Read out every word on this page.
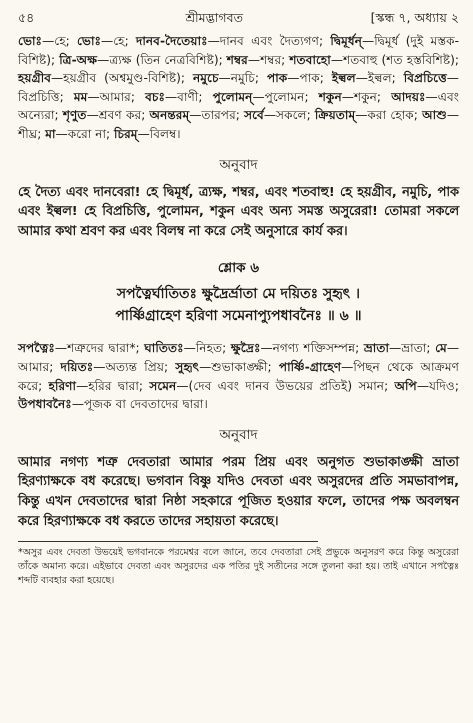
৫৪	শ্রীমদ্ভাগবত	[স্কন্ধ ৭, অধ্যায় ২

ভোঃ—হে; ভোঃ—হে; দানব-দৈতেয়াঃ—দানব এবং দৈত্যগণ; দ্বিমূর্ধন্—দ্বিমূর্ধ (দুই মস্তক-বিশিষ্ট); ত্রি-অক্ষ—ত্র্যক্ষ (তিন নেত্রবিশিষ্ট); শম্বর—শম্বর; শতবাহো—শতবাহু (শত হস্তবিশিষ্ট); হয়গ্রীব—হয়গ্রীব (অশ্বমুণ্ড-বিশিষ্ট); নমুচে—নমুচি; পাক—পাক; ইল্বল—ইল্বল; বিপ্রচিত্তে—বিপ্রচিত্তি; মম—আমার; বচঃ—বাণী; পুলোমন্—পুলোমন; শকুন—শকুন; আদয়ঃ—এবং অন্যেরা; শৃণুত—শ্রবণ কর; অনন্তরম্—তারপর; সর্বে—সকলে; ক্রিয়তাম্—করা হোক; আশু—শীঘ্র; মা—করো না; চিরম্—বিলম্ব।

অনুবাদ

হে দৈত্য এবং দানবেরা! হে দ্বিমূর্ধ, ত্র্যক্ষ, শম্বর, এবং শতবাহু! হে হয়গ্রীব, নমুচি, পাক এবং ইল্বল! হে বিপ্রচিত্তি, পুলোমন, শকুন এবং অন্য সমস্ত অসুরেরা! তোমরা সকলে আমার কথা শ্রবণ কর এবং বিলম্ব না করে সেই অনুসারে কার্য কর।

শ্লোক ৬

সপত্নৈর্ঘাতিতঃ ক্ষুদ্রৈর্ভ্রাতা মে দয়িতঃ সুহৃৎ ।

পার্ষ্ণিগ্রাহেণ হরিণা সমেনাপ্যুপধাবনৈঃ ॥ ৬ ॥

সপত্নৈঃ—শত্রুদের দ্বারা*; ঘাতিতঃ—নিহত; ক্ষুদ্রৈঃ—নগণ্য শক্তিসম্পন্ন; ভ্রাতা—ভ্রাতা; মে—আমার; দয়িতঃ—অত্যন্ত প্রিয়; সুহৃৎ—শুভাকাঙ্ক্ষী; পার্ষ্ণি-গ্রাহেণ—পিছন থেকে আক্রমণ করে; হরিণা—হরির দ্বারা; সমেন—(দেব এবং দানব উভয়ের প্রতিই) সমান; অপি—যদিও; উপধাবনৈঃ—পূজক বা দেবতাদের দ্বারা।

অনুবাদ

আমার নগণ্য শত্রু দেবতারা আমার পরম প্রিয় এবং অনুগত শুভাকাঙ্ক্ষী ভ্রাতা হিরণ্যাক্ষকে বধ করেছে। ভগবান বিষ্ণু যদিও দেবতা এবং অসুরদের প্রতি সমভাবাপন্ন, কিন্তু এখন দেবতাদের দ্বারা নিষ্ঠা সহকারে পূজিত হওয়ার ফলে, তাদের পক্ষ অবলম্বন করে হিরণ্যাক্ষকে বধ করতে তাদের সহায়তা করেছে।

*অসুর এবং দেবতা উভয়েই ভগবানকে পরমেশ্বর বলে জানে, তবে দেবতারা সেই প্রভুকে অনুসরণ করে কিন্তু অসুরেরা তাঁকে অমান্য করে। এইভাবে দেবতা এবং অসুরদের এক পতির দুই সতীনের সঙ্গে তুলনা করা হয়। তাই এখানে সপত্নৈঃ শব্দটি ব্যবহার করা হয়েছে।
